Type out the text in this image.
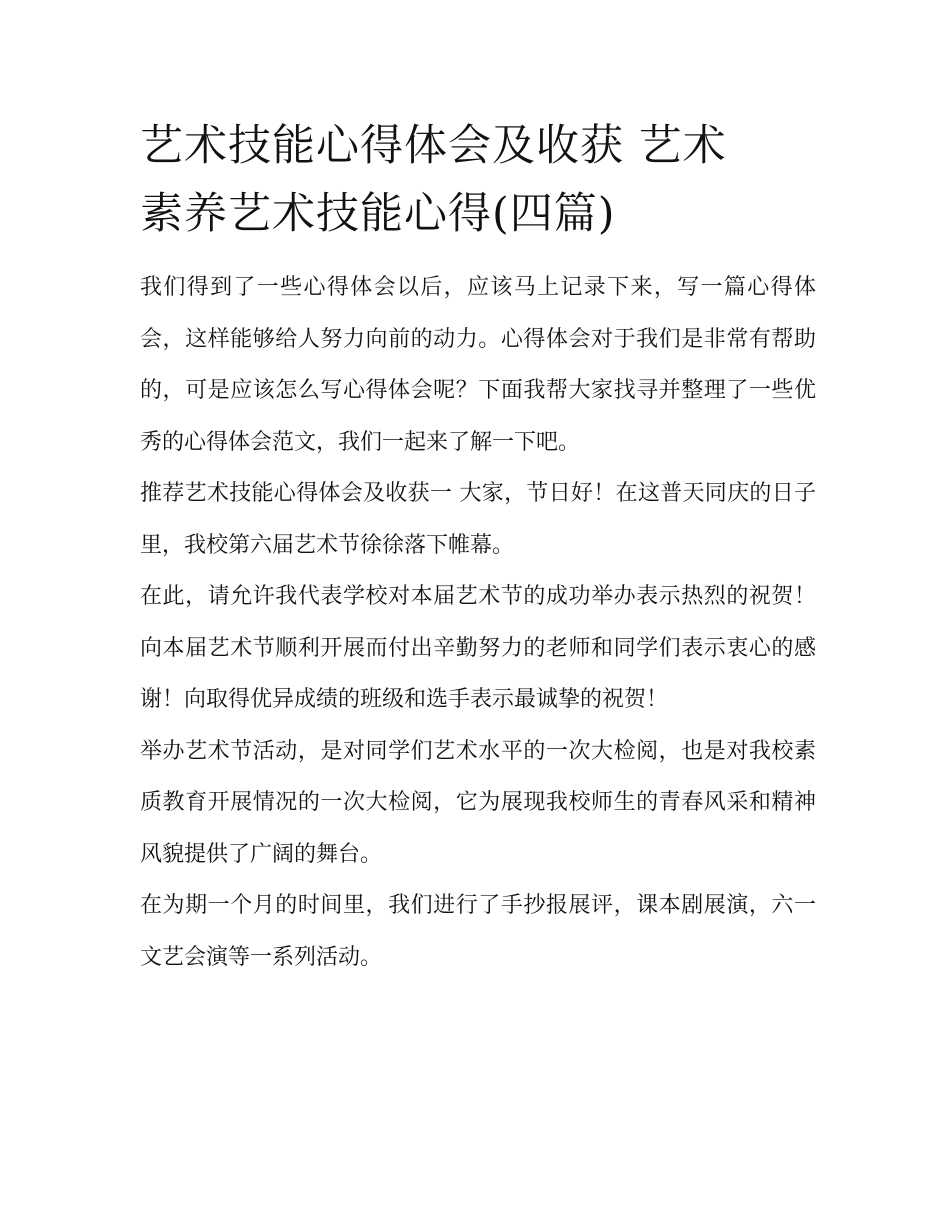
艺术技能心得体会及收获 艺术
素养艺术技能心得(四篇)

我们得到了一些心得体会以后，应该马上记录下来，写一篇心得体会，这样能够给人努力向前的动力。心得体会对于我们是非常有帮助的，可是应该怎么写心得体会呢？下面我帮大家找寻并整理了一些优秀的心得体会范文，我们一起来了解一下吧。

推荐艺术技能心得体会及收获一 大家，节日好！在这普天同庆的日子里，我校第六届艺术节徐徐落下帷幕。

在此，请允许我代表学校对本届艺术节的成功举办表示热烈的祝贺！向本届艺术节顺利开展而付出辛勤努力的老师和同学们表示衷心的感谢！向取得优异成绩的班级和选手表示最诚挚的祝贺！

举办艺术节活动，是对同学们艺术水平的一次大检阅，也是对我校素质教育开展情况的一次大检阅，它为展现我校师生的青春风采和精神风貌提供了广阔的舞台。

在为期一个月的时间里，我们进行了手抄报展评，课本剧展演，六一文艺会演等一系列活动。
